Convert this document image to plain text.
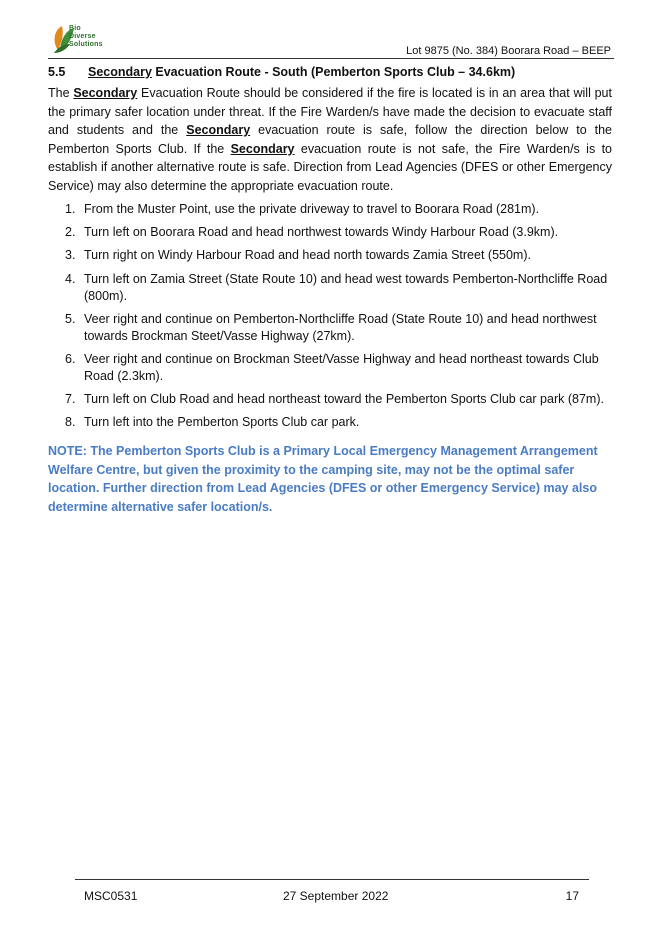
Bio
Diverse
Solutions
Lot 9875 (No. 384) Boorara Road – BEEP
5.5 Secondary Evacuation Route - South (Pemberton Sports Club – 34.6km)
The Secondary Evacuation Route should be considered if the fire is located is in an area that will put the primary safer location under threat. If the Fire Warden/s have made the decision to evacuate staff and students and the Secondary evacuation route is safe, follow the direction below to the Pemberton Sports Club. If the Secondary evacuation route is not safe, the Fire Warden/s is to establish if another alternative route is safe. Direction from Lead Agencies (DFES or other Emergency Service) may also determine the appropriate evacuation route.
1. From the Muster Point, use the private driveway to travel to Boorara Road (281m).
2. Turn left on Boorara Road and head northwest towards Windy Harbour Road (3.9km).
3. Turn right on Windy Harbour Road and head north towards Zamia Street (550m).
4. Turn left on Zamia Street (State Route 10) and head west towards Pemberton-Northcliffe Road (800m).
5. Veer right and continue on Pemberton-Northcliffe Road (State Route 10) and head northwest towards Brockman Steet/Vasse Highway (27km).
6. Veer right and continue on Brockman Steet/Vasse Highway and head northeast towards Club Road (2.3km).
7. Turn left on Club Road and head northeast toward the Pemberton Sports Club car park (87m).
8. Turn left into the Pemberton Sports Club car park.
NOTE: The Pemberton Sports Club is a Primary Local Emergency Management Arrangement Welfare Centre, but given the proximity to the camping site, may not be the optimal safer location. Further direction from Lead Agencies (DFES or other Emergency Service) may also determine alternative safer location/s.
MSC0531	27 September 2022	17
